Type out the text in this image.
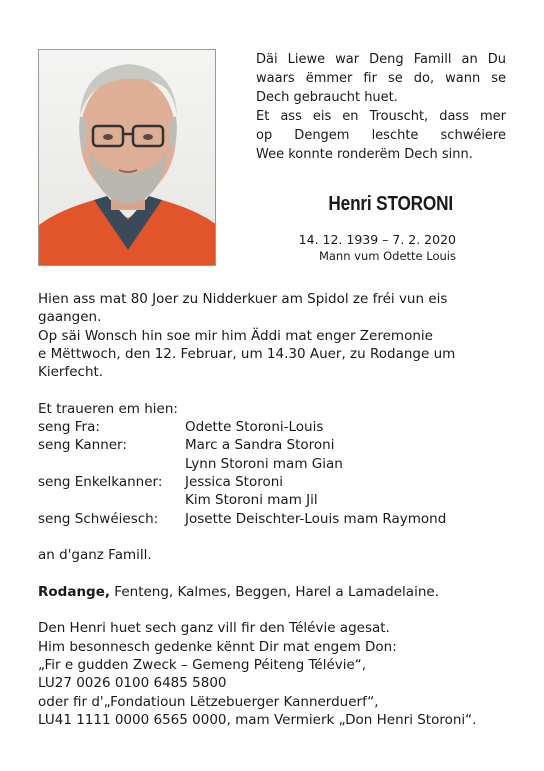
Däi Liewe war Deng Famill an Du
waars ëmmer fir se do, wann se
Dech gebraucht huet.
Et ass eis en Trouscht, dass mer
op Dengem leschte schwéiere
Wee konnte ronderëm Dech sinn.
Henri STORONI
14. 12. 1939 – 7. 2. 2020
Mann vum Odette Louis
Hien ass mat 80 Joer zu Nidderkuer am Spidol ze fréi vun eis
gaangen.
Op säi Wonsch hin soe mir him Äddi mat enger Zeremonie
e Mëttwoch, den 12. Februar, um 14.30 Auer, zu Rodange um
Kierfecht.
Et traueren em hien:
seng Fra:	Odette Storoni-Louis
seng Kanner:	Marc a Sandra Storoni
Lynn Storoni mam Gian
seng Enkelkanner:	Jessica Storoni
Kim Storoni mam Jil
seng Schwéiesch:	Josette Deischter-Louis mam Raymond
an d'ganz Famill.
Rodange, Fenteng, Kalmes, Beggen, Harel a Lamadelaine.
Den Henri huet sech ganz vill fir den Télévie agesat.
Him besonnesch gedenke kënnt Dir mat engem Don:
„Fir e gudden Zweck – Gemeng Péiteng Télévie“,
LU27 0026 0100 6485 5800
oder fir d'„Fondatioun Lëtzebuerger Kannerduerf“,
LU41 1111 0000 6565 0000, mam Vermierk „Don Henri Storoni“.
